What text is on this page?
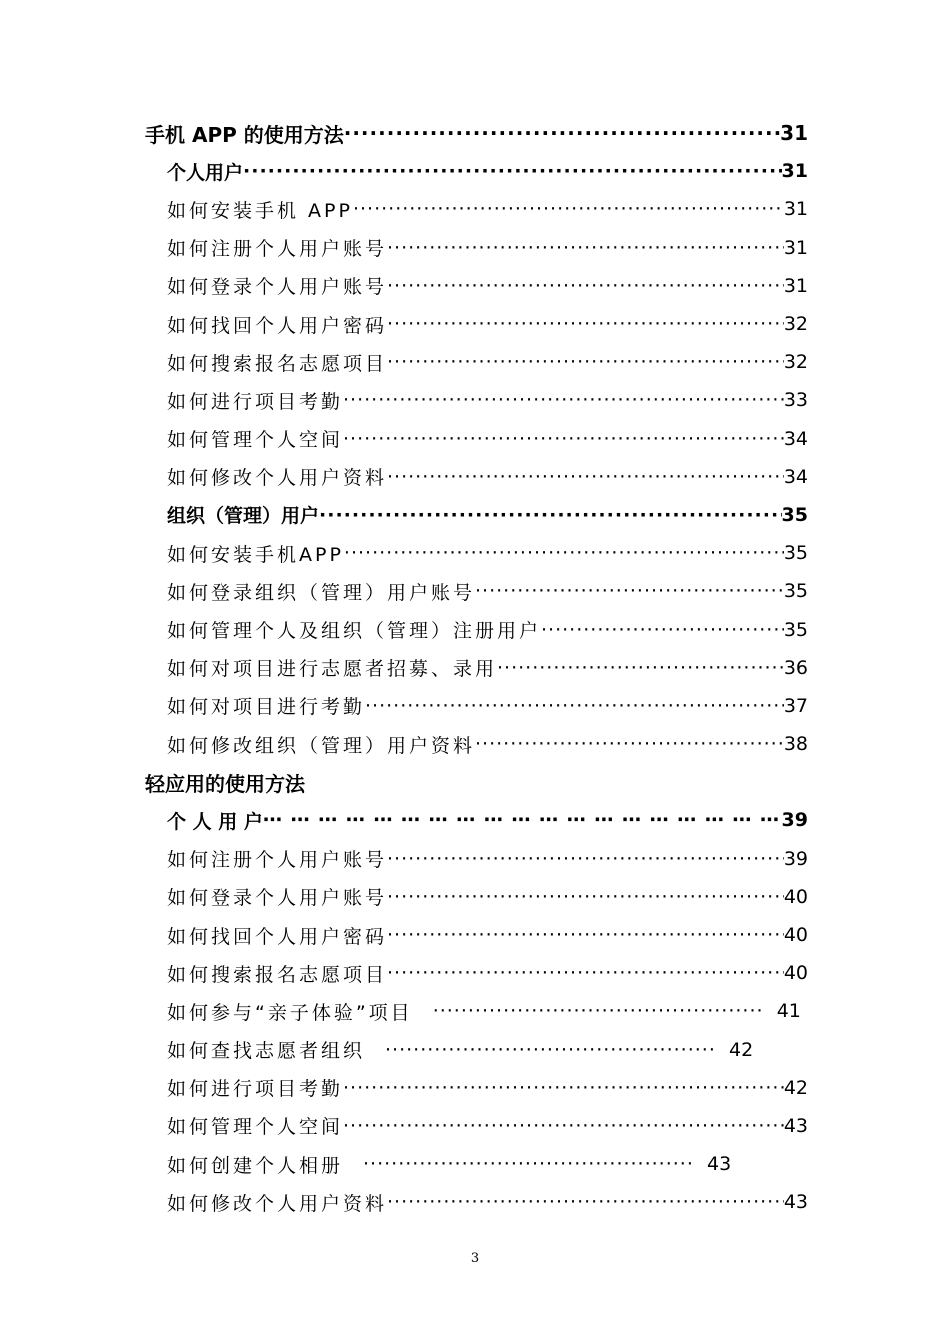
手机 APP 的使用方法 ·····	31
个人用户 ·····	31
如何安装手机 APP ·····	31
如何注册个人用户账号 ·····	31
如何登录个人用户账号 ·····	31
如何找回个人用户密码 ·····	32
如何搜索报名志愿项目 ·····	32
如何进行项目考勤 ·····	33
如何管理个人空间 ·····	34
如何修改个人用户资料 ·····	34
组织（管理）用户 ·····	35
如何安装手机APP ·····	35
如何登录组织（管理）用户账号 ·····	35
如何管理个人及组织（管理）注册用户 ·····	35
如何对项目进行志愿者招募、录用 ·····	36
如何对项目进行考勤 ·····	37
如何修改组织（管理）用户资料 ·····	38
轻应用的使用方法
个 人 用 户 ⋯ ⋯ ⋯ ⋯ ⋯ ⋯ ⋯ ⋯ ⋯ ⋯ ⋯ ⋯ ⋯ ⋯ ⋯ ⋯ ⋯ ⋯ ⋯ ⋯ ⋯ ⋯ ⋯	39
如何注册个人用户账号 ·····	39
如何登录个人用户账号 ·····	40
如何找回个人用户密码 ·····	40
如何搜索报名志愿项目 ·····	40
如何参与“亲子体验”项目 ·····	41
如何查找志愿者组织 ·····	42
如何进行项目考勤 ·····	42
如何管理个人空间 ·····	43
如何创建个人相册 ·····	43
如何修改个人用户资料 ·····	43
3
